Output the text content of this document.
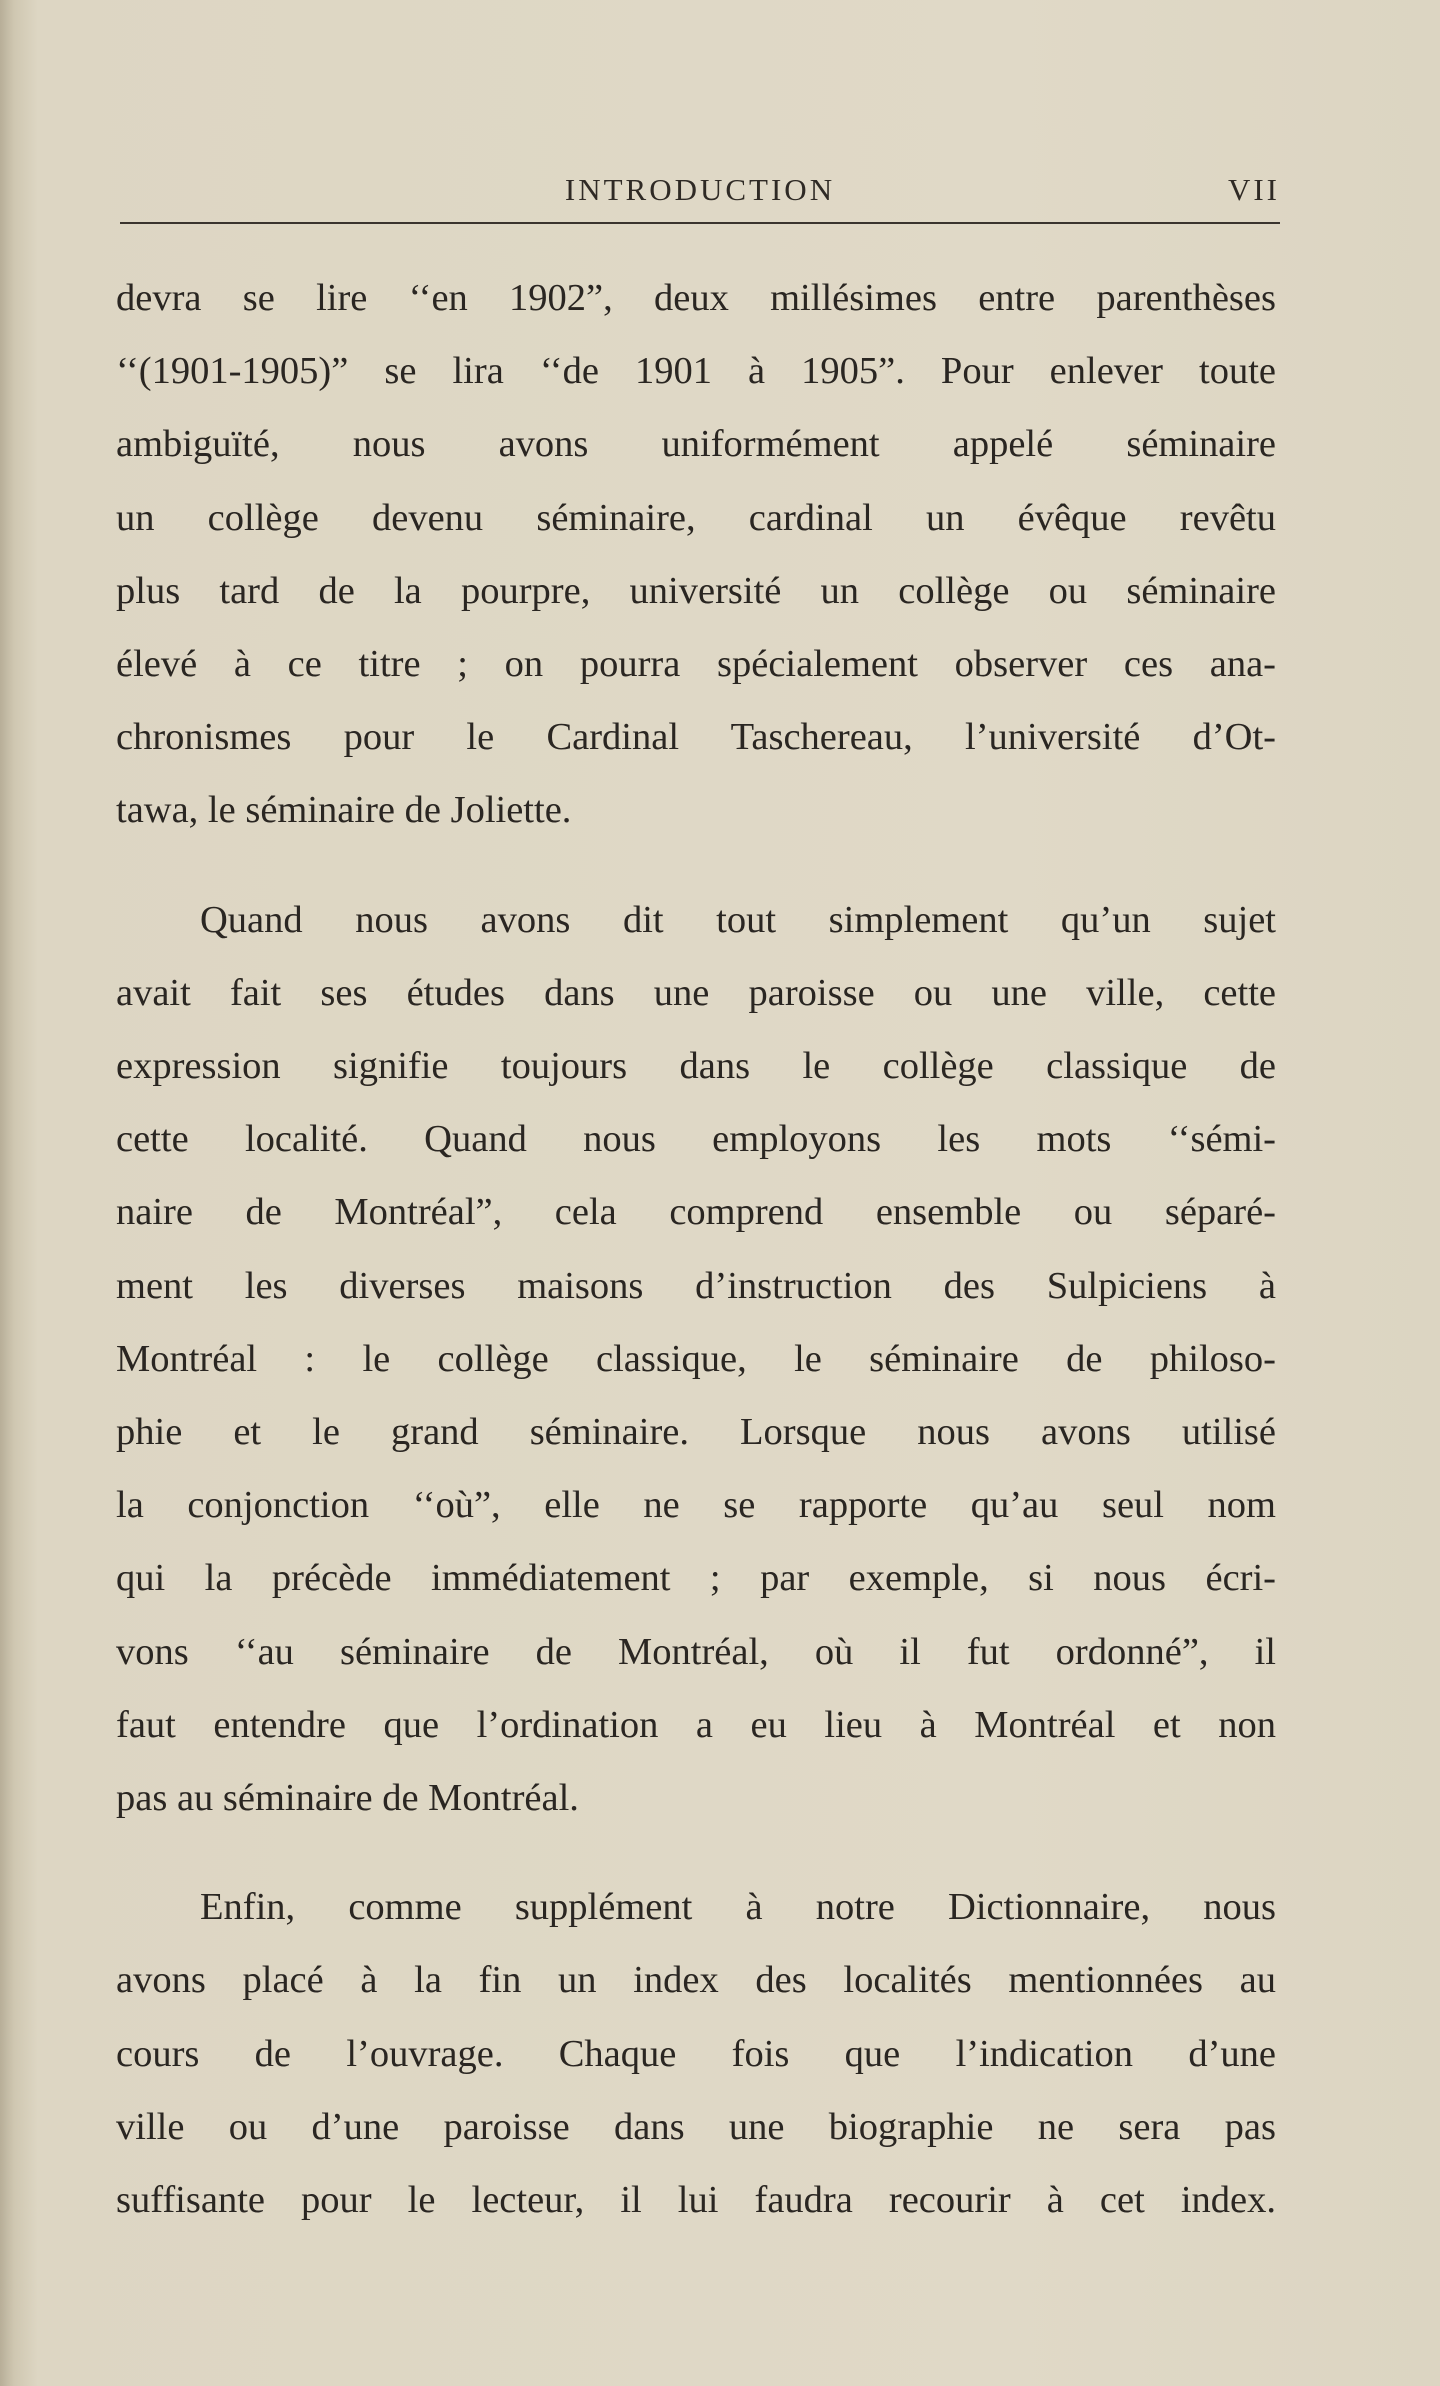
INTRODUCTION	VII

devra se lire ‘‘en 1902”, deux millésimes entre parenthèses
‘‘(1901-1905)” se lira ‘‘de 1901 à 1905”. Pour enlever toute
ambiguïté, nous avons uniformément appelé séminaire
un collège devenu séminaire, cardinal un évêque revêtu
plus tard de la pourpre, université un collège ou séminaire
élevé à ce titre ; on pourra spécialement observer ces ana-
chronismes pour le Cardinal Taschereau, l’université d’Ot-
tawa, le séminaire de Joliette.

Quand nous avons dit tout simplement qu’un sujet
avait fait ses études dans une paroisse ou une ville, cette
expression signifie toujours dans le collège classique de
cette localité. Quand nous employons les mots ‘‘sémi-
naire de Montréal”, cela comprend ensemble ou séparé-
ment les diverses maisons d’instruction des Sulpiciens à
Montréal : le collège classique, le séminaire de philoso-
phie et le grand séminaire. Lorsque nous avons utilisé
la conjonction ‘‘où”, elle ne se rapporte qu’au seul nom
qui la précède immédiatement ; par exemple, si nous écri-
vons ‘‘au séminaire de Montréal, où il fut ordonné”, il
faut entendre que l’ordination a eu lieu à Montréal et non
pas au séminaire de Montréal.

Enfin, comme supplément à notre Dictionnaire, nous
avons placé à la fin un index des localités mentionnées au
cours de l’ouvrage. Chaque fois que l’indication d’une
ville ou d’une paroisse dans une biographie ne sera pas
suffisante pour le lecteur, il lui faudra recourir à cet index.
